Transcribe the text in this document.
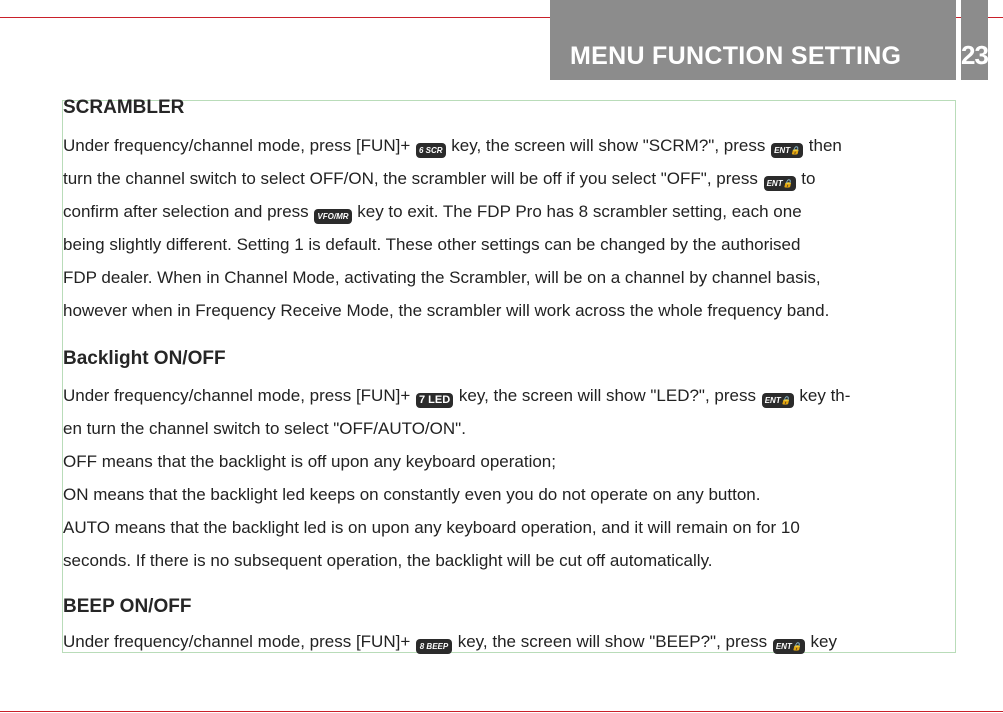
MENU FUNCTION SETTING 23
SCRAMBLER
Under frequency/channel mode, press [FUN]+ 6 SCR key, the screen will show "SCRM?", press ENT🔒 then
turn the channel switch to select OFF/ON, the scrambler will be off if you select "OFF", press ENT🔒 to
confirm after selection and press VFO/MR key to exit. The FDP Pro has 8 scrambler setting, each one
being slightly different. Setting 1 is default. These other settings can be changed by the authorised
FDP dealer. When in Channel Mode, activating the Scrambler, will be on a channel by channel basis,
however when in Frequency Receive Mode, the scrambler will work across the whole frequency band.
Backlight ON/OFF
Under frequency/channel mode, press [FUN]+ 7 LED key, the screen will show "LED?", press ENT🔒 key th-
en turn the channel switch to select "OFF/AUTO/ON".
OFF means that the backlight is off upon any keyboard operation;
ON means that the backlight led keeps on constantly even you do not operate on any button.
AUTO means that the backlight led is on upon any keyboard operation, and it will remain on for 10
seconds. If there is no subsequent operation, the backlight will be cut off automatically.
BEEP ON/OFF
Under frequency/channel mode, press [FUN]+ 8 BEEP key, the screen will show "BEEP?", press ENT🔒 key
